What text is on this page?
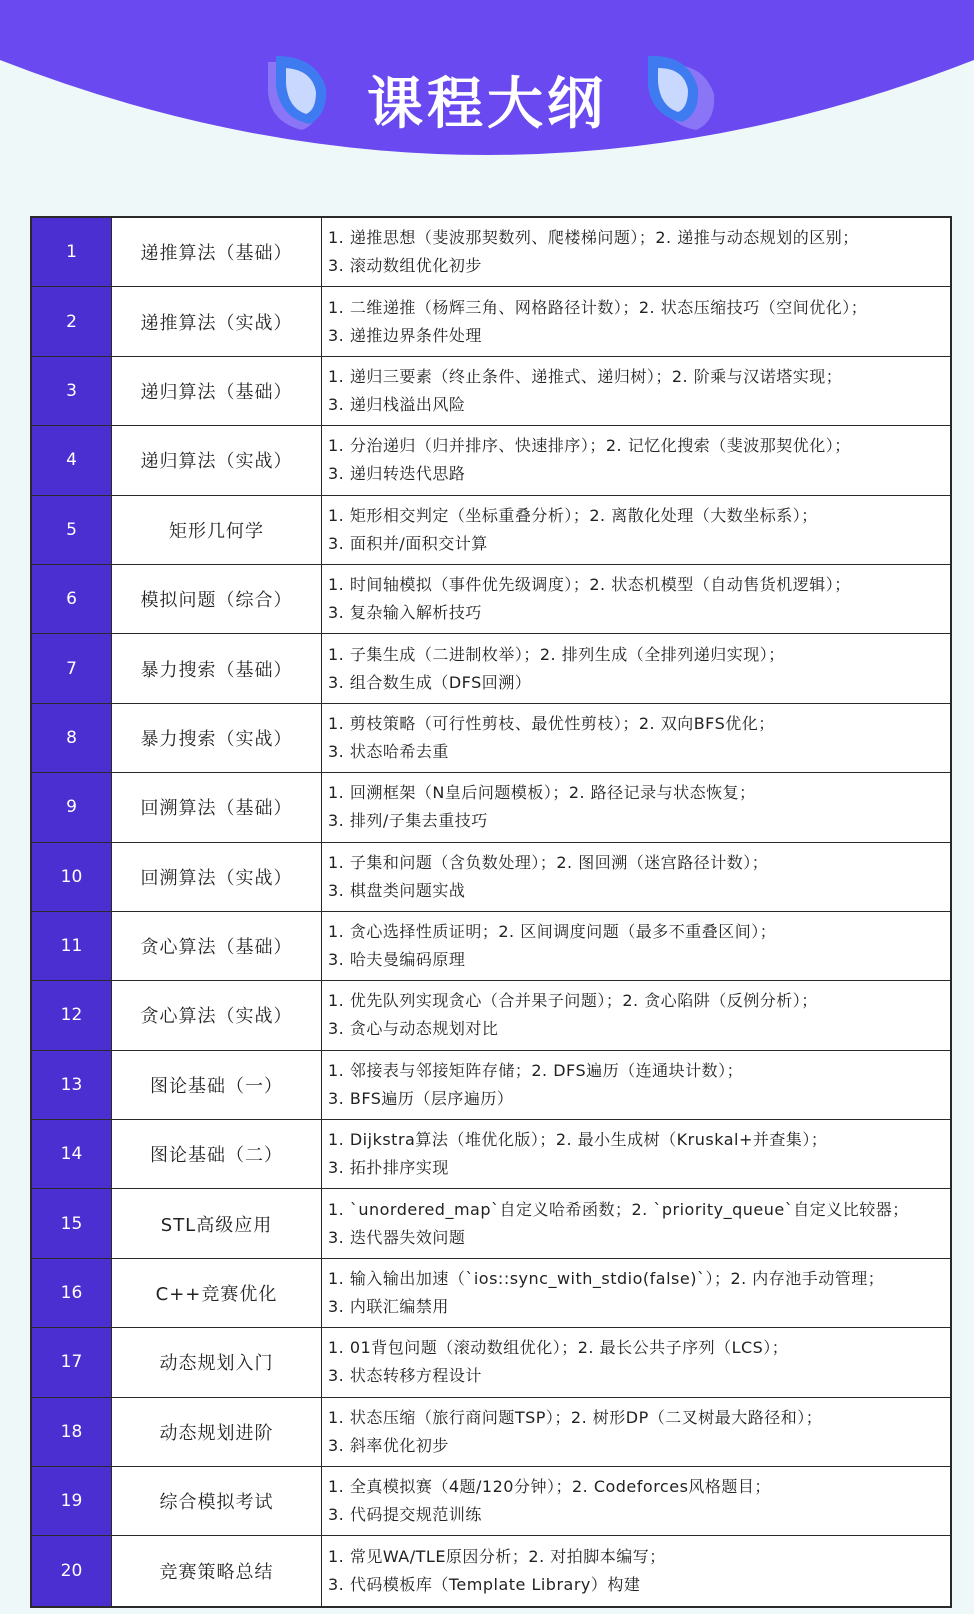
课程大纲
1	递推算法（基础）
1. 递推思想（斐波那契数列、爬楼梯问题）；2. 递推与动态规划的区别；
3. 滚动数组优化初步
2	递推算法（实战）
1. 二维递推（杨辉三角、网格路径计数）；2. 状态压缩技巧（空间优化）；
3. 递推边界条件处理
3	递归算法（基础）
1. 递归三要素（终止条件、递推式、递归树）；2. 阶乘与汉诺塔实现；
3. 递归栈溢出风险
4	递归算法（实战）
1. 分治递归（归并排序、快速排序）；2. 记忆化搜索（斐波那契优化）；
3. 递归转迭代思路
5	矩形几何学
1. 矩形相交判定（坐标重叠分析）；2. 离散化处理（大数坐标系）；
3. 面积并/面积交计算
6	模拟问题（综合）
1. 时间轴模拟（事件优先级调度）；2. 状态机模型（自动售货机逻辑）；
3. 复杂输入解析技巧
7	暴力搜索（基础）
1. 子集生成（二进制枚举）；2. 排列生成（全排列递归实现）；
3. 组合数生成（DFS回溯）
8	暴力搜索（实战）
1. 剪枝策略（可行性剪枝、最优性剪枝）；2. 双向BFS优化；
3. 状态哈希去重
9	回溯算法（基础）
1. 回溯框架（N皇后问题模板）；2. 路径记录与状态恢复；
3. 排列/子集去重技巧
10	回溯算法（实战）
1. 子集和问题（含负数处理）；2. 图回溯（迷宫路径计数）；
3. 棋盘类问题实战
11	贪心算法（基础）
1. 贪心选择性质证明；2. 区间调度问题（最多不重叠区间）；
3. 哈夫曼编码原理
12	贪心算法（实战）
1. 优先队列实现贪心（合并果子问题）；2. 贪心陷阱（反例分析）；
3. 贪心与动态规划对比
13	图论基础（一）
1. 邻接表与邻接矩阵存储；2. DFS遍历（连通块计数）；
3. BFS遍历（层序遍历）
14	图论基础（二）
1. Dijkstra算法（堆优化版）；2. 最小生成树（Kruskal+并查集）；
3. 拓扑排序实现
15	STL高级应用
1. `unordered_map`自定义哈希函数；2. `priority_queue`自定义比较器；
3. 迭代器失效问题
16	C++竞赛优化
1. 输入输出加速（`ios::sync_with_stdio(false)`）；2. 内存池手动管理；
3. 内联汇编禁用
17	动态规划入门
1. 01背包问题（滚动数组优化）；2. 最长公共子序列（LCS）；
3. 状态转移方程设计
18	动态规划进阶
1. 状态压缩（旅行商问题TSP）；2. 树形DP（二叉树最大路径和）；
3. 斜率优化初步
19	综合模拟考试
1. 全真模拟赛（4题/120分钟）；2. Codeforces风格题目；
3. 代码提交规范训练
20	竞赛策略总结
1. 常见WA/TLE原因分析；2. 对拍脚本编写；
3. 代码模板库（Template Library）构建
